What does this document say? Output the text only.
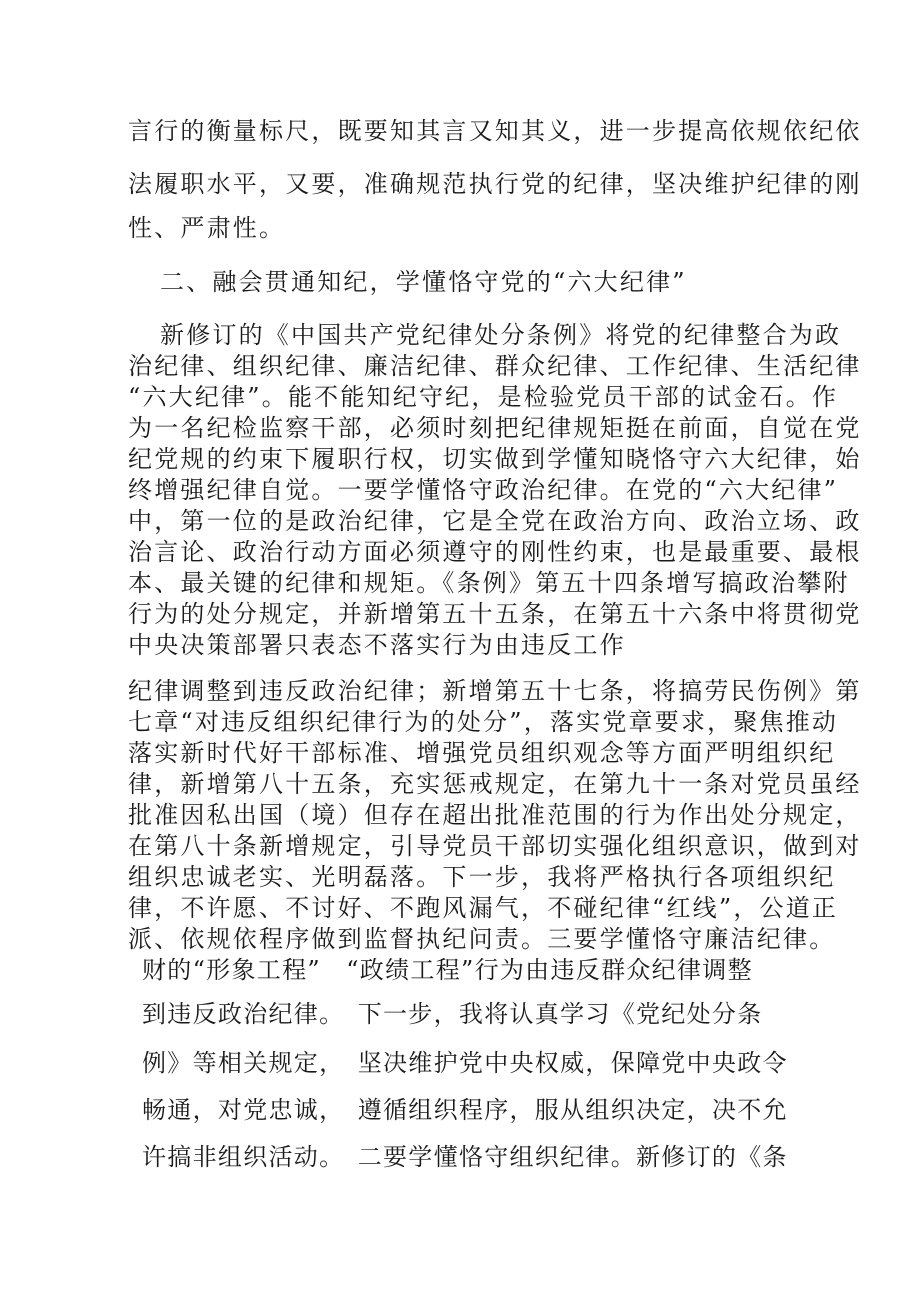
言行的衡量标尺，既要知其言又知其义，进一步提高依规依纪依

法履职水平，又要，准确规范执行党的纪律，坚决维护纪律的刚

性、严肃性。

二、融会贯通知纪，学懂恪守党的“六大纪律”

新修订的《中国共产党纪律处分条例》将党的纪律整合为政

治纪律、组织纪律、廉洁纪律、群众纪律、工作纪律、生活纪律

“六大纪律”。能不能知纪守纪，是检验党员干部的试金石。作

为一名纪检监察干部，必须时刻把纪律规矩挺在前面，自觉在党

纪党规的约束下履职行权，切实做到学懂知晓恪守六大纪律，始

终增强纪律自觉。一要学懂恪守政治纪律。在党的“六大纪律”

中，第一位的是政治纪律，它是全党在政治方向、政治立场、政

治言论、政治行动方面必须遵守的刚性约束，也是最重要、最根

本、最关键的纪律和规矩。《条例》第五十四条增写搞政治攀附

行为的处分规定，并新增第五十五条，在第五十六条中将贯彻党

中央决策部署只表态不落实行为由违反工作

纪律调整到违反政治纪律；新增第五十七条，将搞劳民伤例》第

七章“对违反组织纪律行为的处分”，落实党章要求，聚焦推动

落实新时代好干部标准、增强党员组织观念等方面严明组织纪

律，新增第八十五条，充实惩戒规定，在第九十一条对党员虽经

批准因私出国（境）但存在超出批准范围的行为作出处分规定，

在第八十条新增规定，引导党员干部切实强化组织意识，做到对

组织忠诚老实、光明磊落。下一步，我将严格执行各项组织纪

律，不许愿、不讨好、不跑风漏气，不碰纪律“红线”，公道正

派、依规依程序做到监督执纪问责。三要学懂恪守廉洁纪律。

财的“形象工程”　“政绩工程”行为由违反群众纪律调整

到违反政治纪律。　下一步，我将认真学习《党纪处分条

例》等相关规定，　坚决维护党中央权威，保障党中央政令

畅通，对党忠诚，　遵循组织程序，服从组织决定，决不允

许搞非组织活动。　二要学懂恪守组织纪律。新修订的《条
